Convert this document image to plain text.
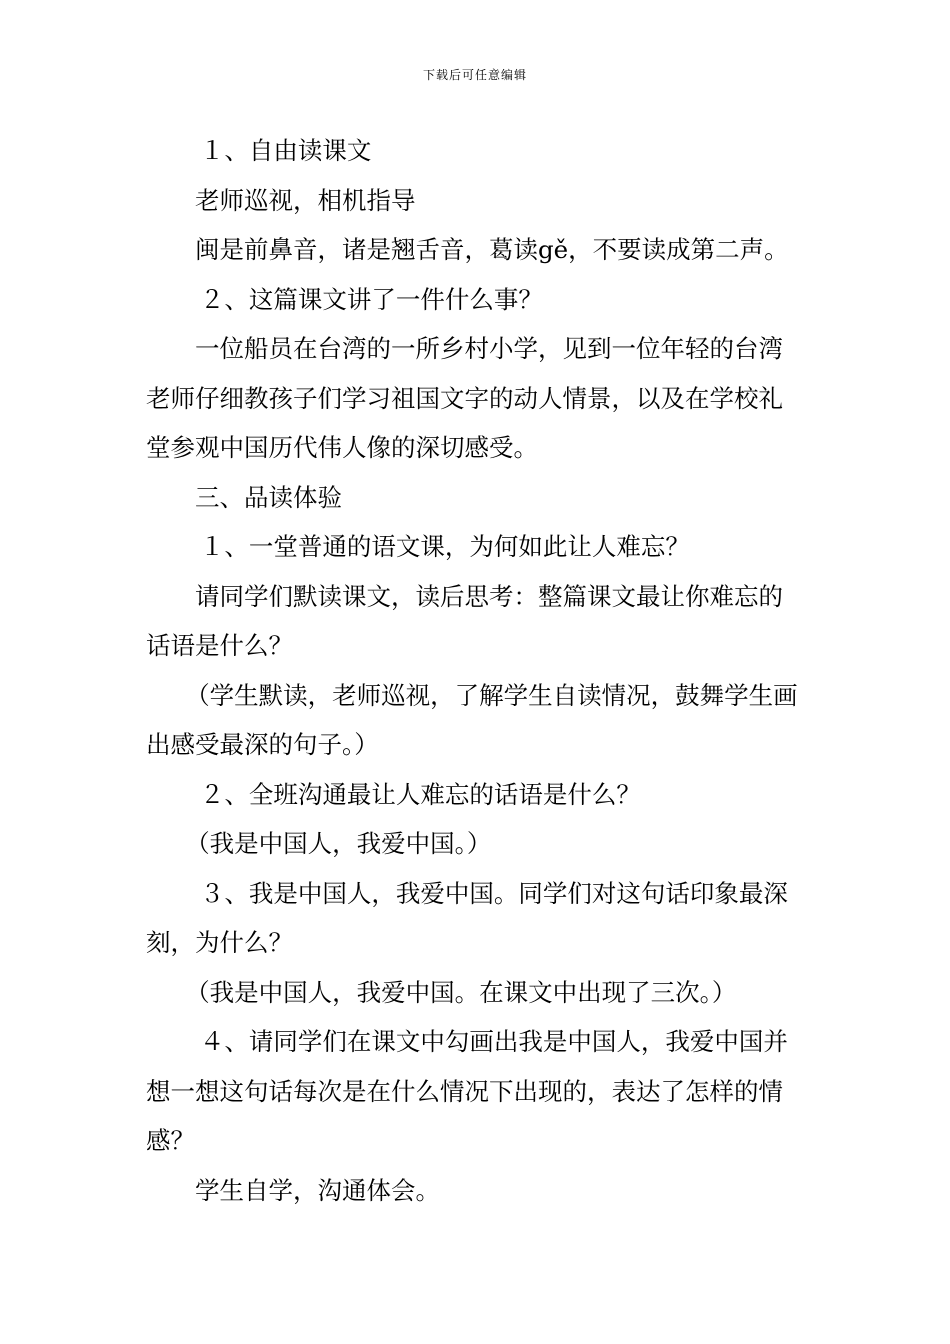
下载后可任意编辑

１、自由读课文

老师巡视，相机指导

闽是前鼻音，诸是翘舌音，葛读gě，不要读成第二声。

２、这篇课文讲了一件什么事？

一位船员在台湾的一所乡村小学，见到一位年轻的台湾老师仔细教孩子们学习祖国文字的动人情景，以及在学校礼堂参观中国历代伟人像的深切感受。

三、品读体验

１、一堂普通的语文课，为何如此让人难忘？

请同学们默读课文，读后思考：整篇课文最让你难忘的话语是什么？

（学生默读，老师巡视，了解学生自读情况，鼓舞学生画出感受最深的句子。）

２、全班沟通最让人难忘的话语是什么？

（我是中国人，我爱中国。）

３、我是中国人，我爱中国。同学们对这句话印象最深刻，为什么？

（我是中国人，我爱中国。在课文中出现了三次。）

４、请同学们在课文中勾画出我是中国人，我爱中国并想一想这句话每次是在什么情况下出现的，表达了怎样的情感？

学生自学，沟通体会。
